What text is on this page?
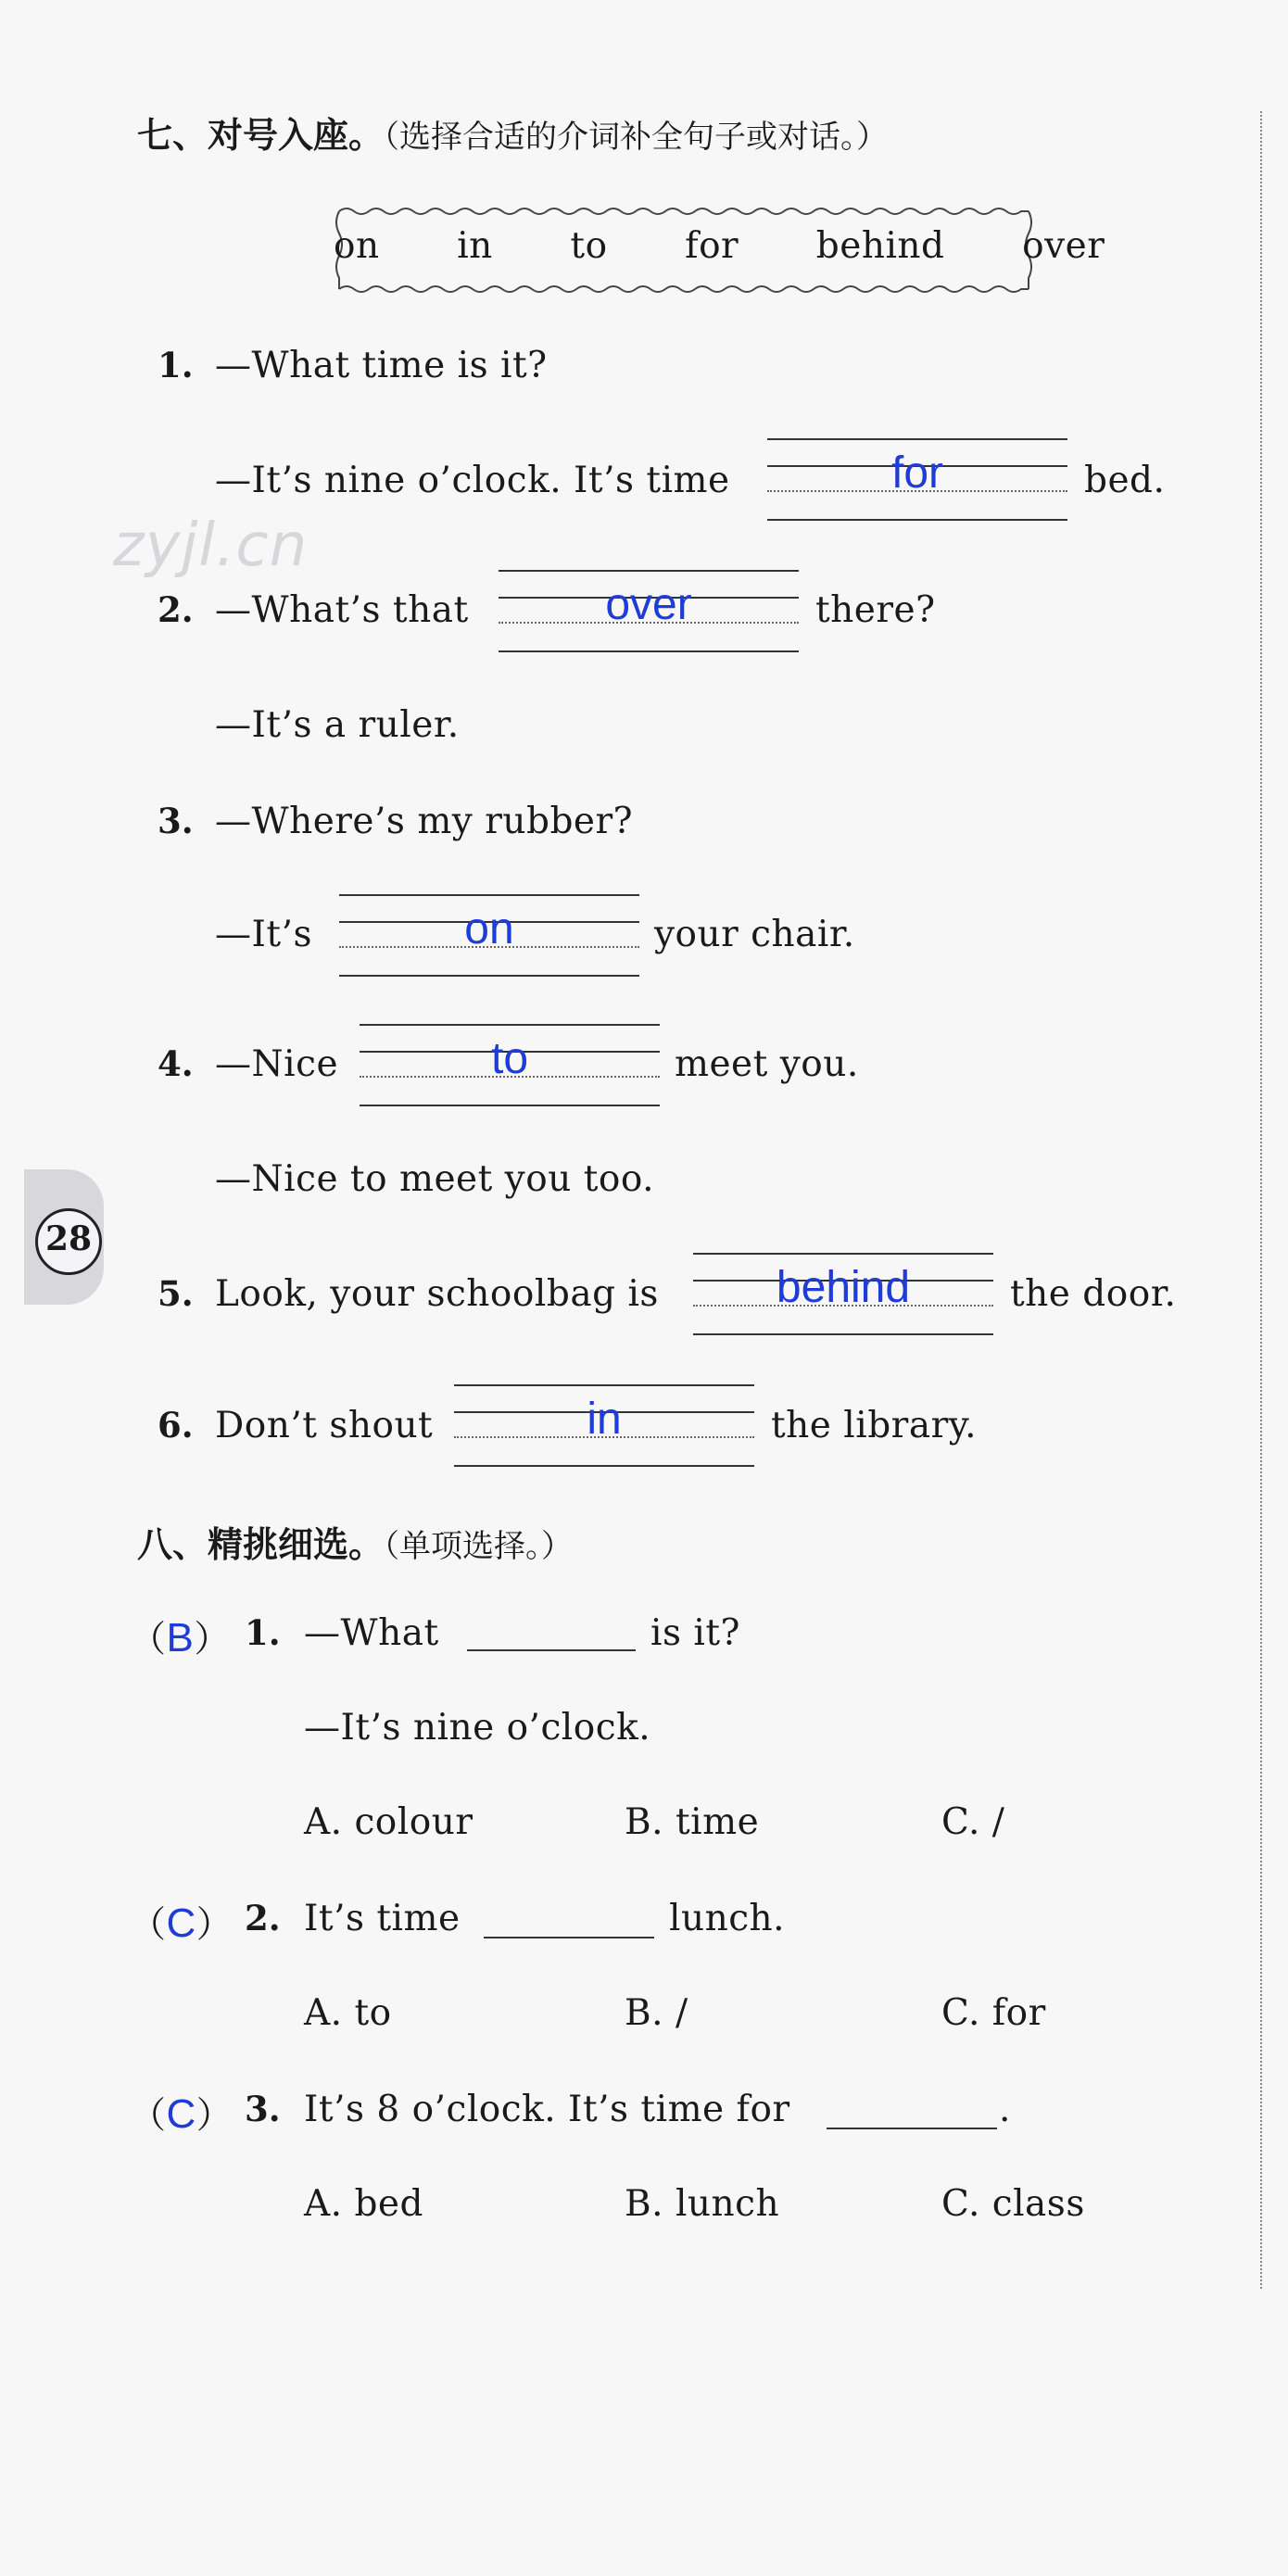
七、对号入座。（选择合适的介词补全句子或对话。）
on in to for behind over
1. —What time is it?
—It’s nine o’clock. It’s time	for	bed.
zyjl.cn
2. —What’s that	over	there?
—It’s a ruler.
3. —Where’s my rubber?
—It’s	on	your chair.
4. —Nice	to	meet you.
—Nice to meet you too.
28
5. Look, your schoolbag is	behind	the door.
6. Don’t shout	in	the library.
八、精挑细选。（单项选择。）
（B） 1. —What	is it?
—It’s nine o’clock.
A. colour	B. time	C. /
（C） 2. It’s time	lunch.
A. to	B. /	C. for
（C） 3. It’s 8 o’clock. It’s time for	.
A. bed	B. lunch	C. class
